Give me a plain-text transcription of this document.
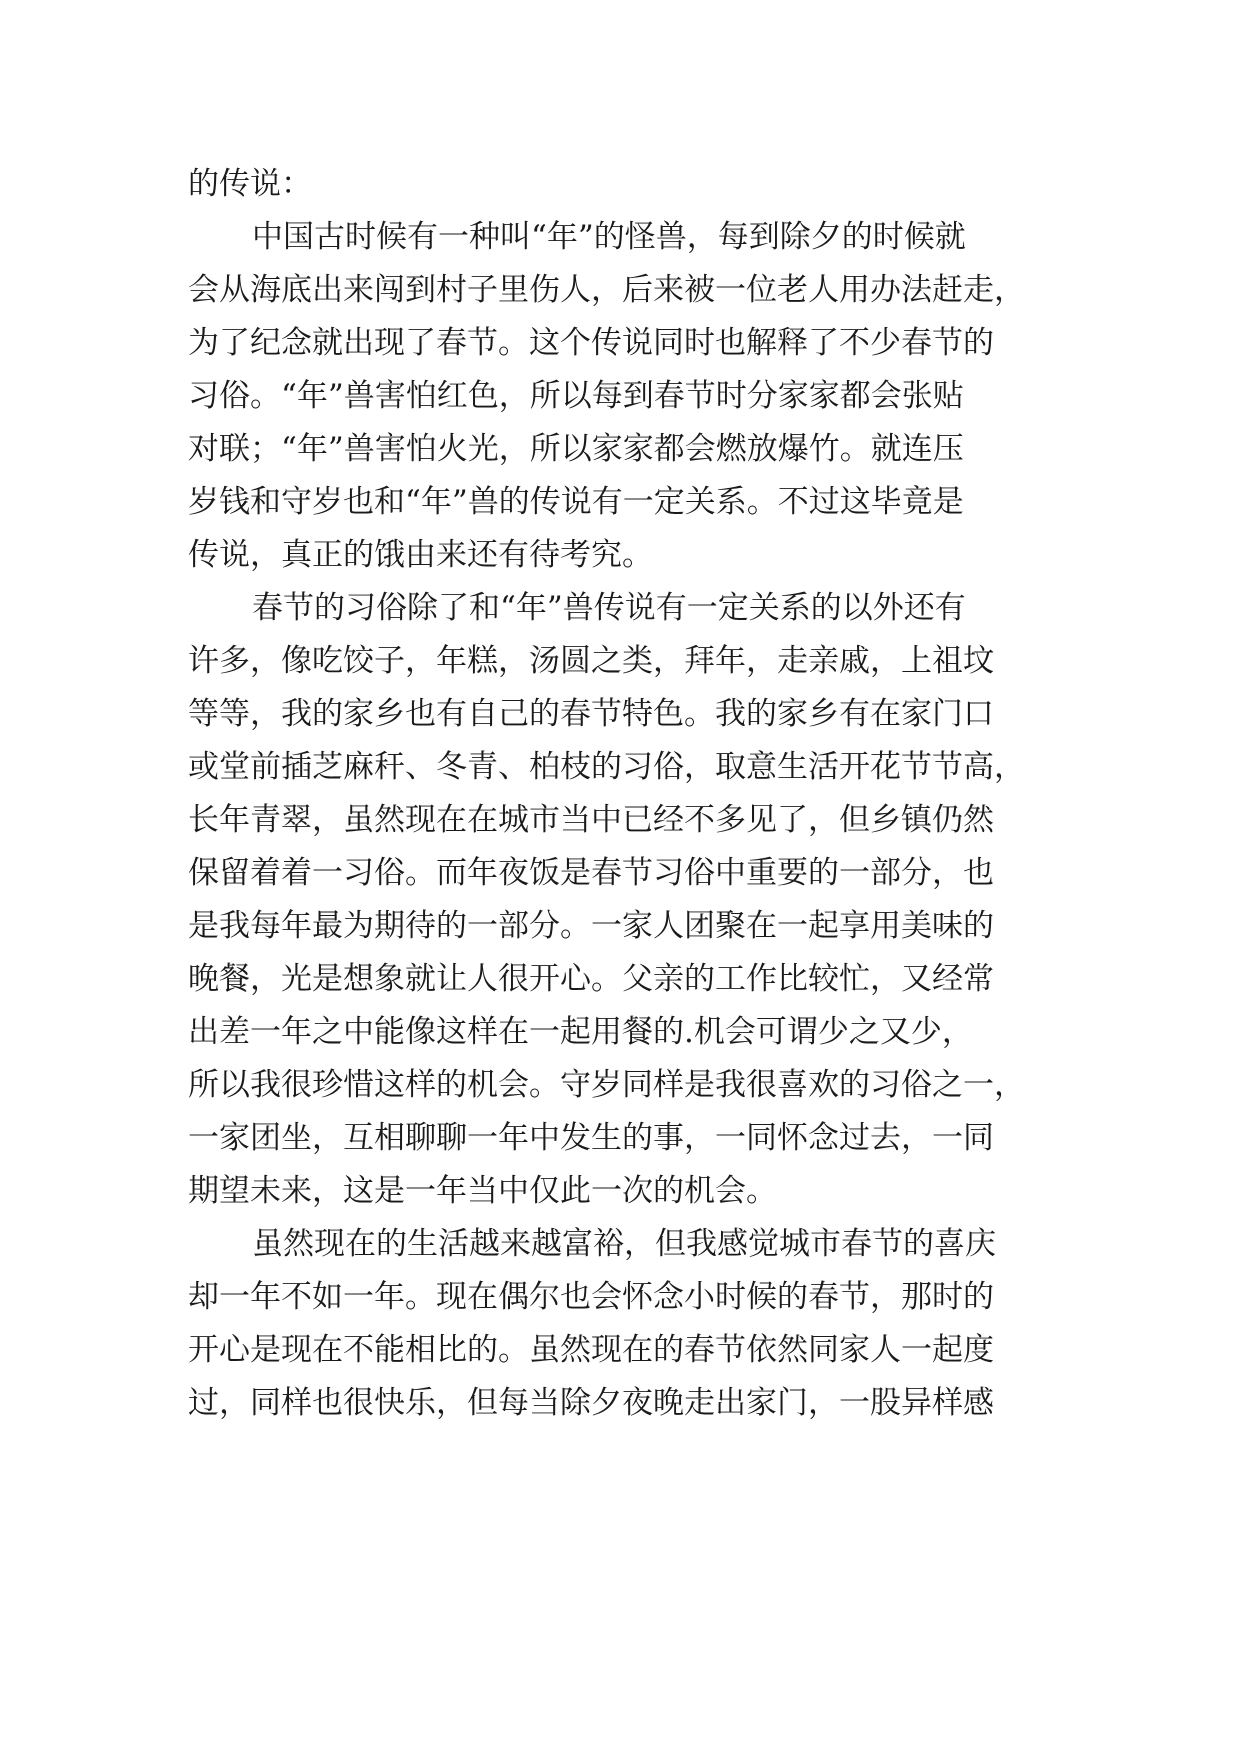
的传说：
中国古时候有一种叫“年”的怪兽，每到除夕的时候就
会从海底出来闯到村子里伤人，后来被一位老人用办法赶走，
为了纪念就出现了春节。这个传说同时也解释了不少春节的
习俗。“年”兽害怕红色，所以每到春节时分家家都会张贴
对联；“年”兽害怕火光，所以家家都会燃放爆竹。就连压
岁钱和守岁也和“年”兽的传说有一定关系。不过这毕竟是
传说，真正的饿由来还有待考究。
春节的习俗除了和“年”兽传说有一定关系的以外还有
许多，像吃饺子，年糕，汤圆之类，拜年，走亲戚，上祖坟
等等，我的家乡也有自己的春节特色。我的家乡有在家门口
或堂前插芝麻秆、冬青、柏枝的习俗，取意生活开花节节高，
长年青翠，虽然现在在城市当中已经不多见了，但乡镇仍然
保留着着一习俗。而年夜饭是春节习俗中重要的一部分，也
是我每年最为期待的一部分。一家人团聚在一起享用美味的
晚餐，光是想象就让人很开心。父亲的工作比较忙，又经常
出差一年之中能像这样在一起用餐的.机会可谓少之又少，
所以我很珍惜这样的机会。守岁同样是我很喜欢的习俗之一，
一家团坐，互相聊聊一年中发生的事，一同怀念过去，一同
期望未来，这是一年当中仅此一次的机会。
虽然现在的生活越来越富裕，但我感觉城市春节的喜庆
却一年不如一年。现在偶尔也会怀念小时候的春节，那时的
开心是现在不能相比的。虽然现在的春节依然同家人一起度
过，同样也很快乐，但每当除夕夜晚走出家门，一股异样感
